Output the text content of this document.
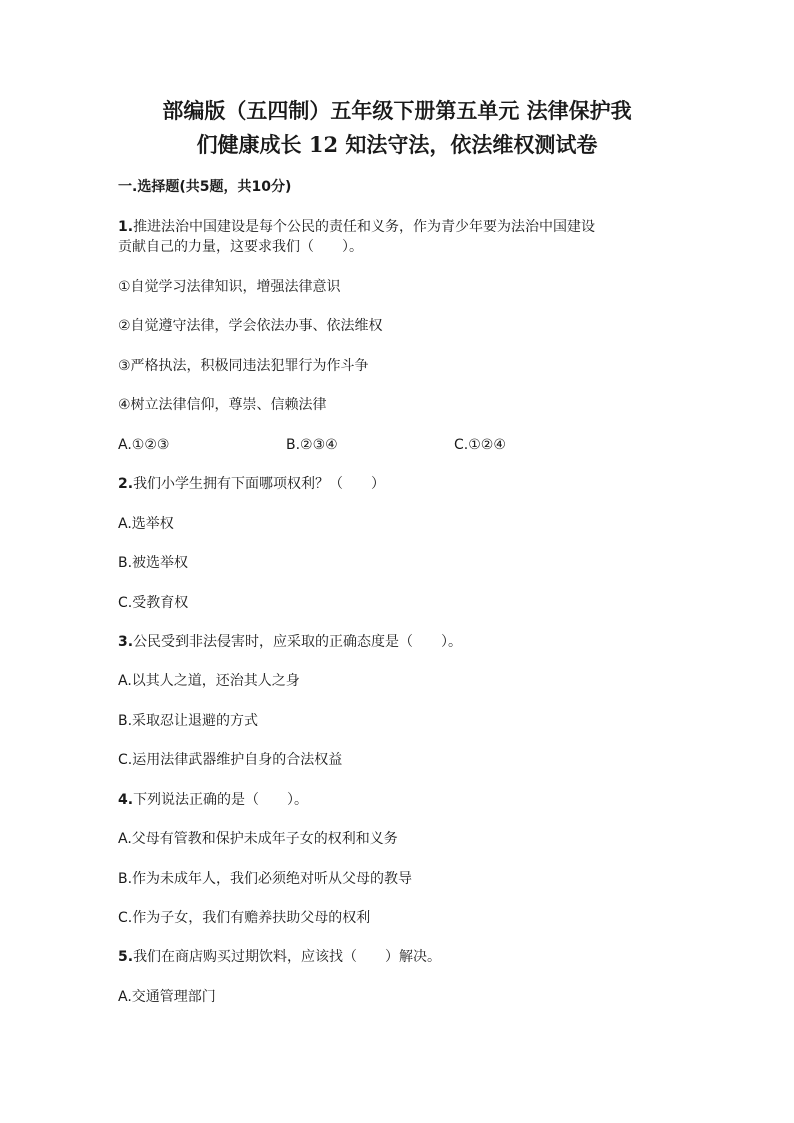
部编版（五四制）五年级下册第五单元 法律保护我
们健康成长 12 知法守法，依法维权测试卷
一.选择题(共5题，共10分)
1.推进法治中国建设是每个公民的责任和义务，作为青少年要为法治中国建设
贡献自己的力量，这要求我们（　　）。
①自觉学习法律知识，增强法律意识
②自觉遵守法律，学会依法办事、依法维权
③严格执法，积极同违法犯罪行为作斗争
④树立法律信仰，尊崇、信赖法律
A.①②③	B.②③④	C.①②④
2.我们小学生拥有下面哪项权利？（　　）
A.选举权
B.被选举权
C.受教育权
3.公民受到非法侵害时，应采取的正确态度是（　　）。
A.以其人之道，还治其人之身
B.采取忍让退避的方式
C.运用法律武器维护自身的合法权益
4.下列说法正确的是（　　）。
A.父母有管教和保护未成年子女的权利和义务
B.作为未成年人，我们必须绝对听从父母的教导
C.作为子女，我们有赡养扶助父母的权利
5.我们在商店购买过期饮料，应该找（　　）解决。
A.交通管理部门
